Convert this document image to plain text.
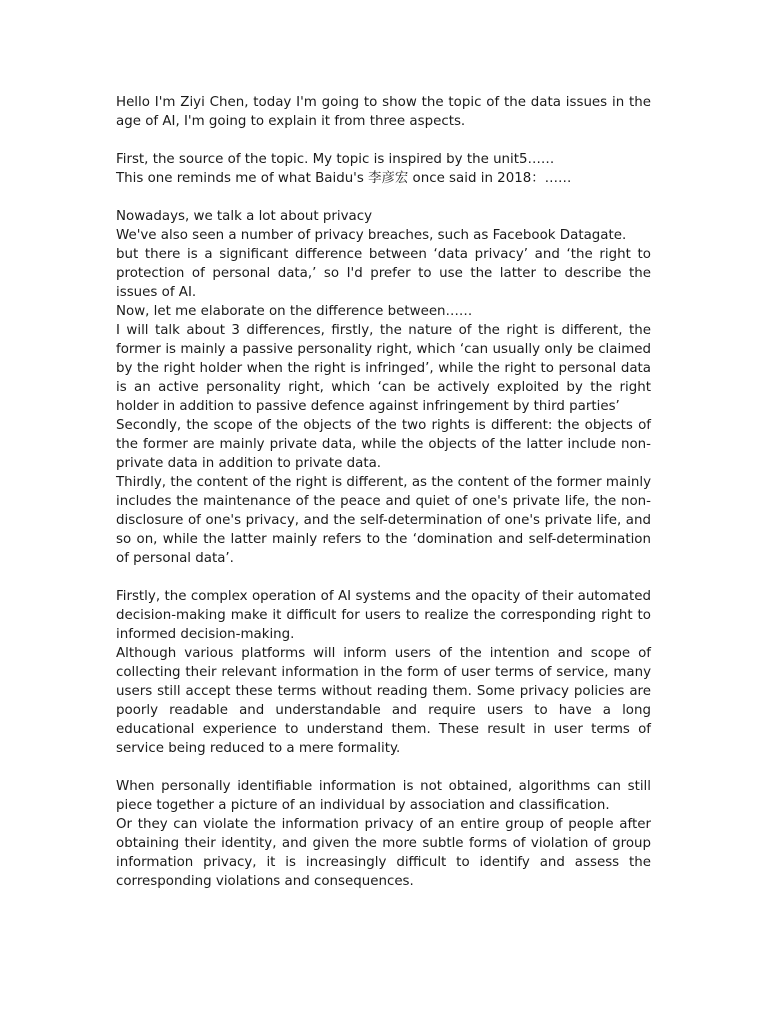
Hello I'm Ziyi Chen, today I'm going to show the topic of the data issues in the age of AI, I'm going to explain it from three aspects.

First, the source of the topic. My topic is inspired by the unit5……

This one reminds me of what Baidu's 李彦宏 once said in 2018：……

Nowadays, we talk a lot about privacy

We've also seen a number of privacy breaches, such as Facebook Datagate.

but there is a significant difference between ‘data privacy’ and ‘the right to protection of personal data,’ so I'd prefer to use the latter to describe the issues of AI.

Now, let me elaborate on the difference between……

I will talk about 3 differences, firstly, the nature of the right is different, the former is mainly a passive personality right, which ‘can usually only be claimed by the right holder when the right is infringed’, while the right to personal data is an active personality right, which ‘can be actively exploited by the right holder in addition to passive defence against infringement by third parties’

Secondly, the scope of the objects of the two rights is different: the objects of the former are mainly private data, while the objects of the latter include non-private data in addition to private data.

Thirdly, the content of the right is different, as the content of the former mainly includes the maintenance of the peace and quiet of one's private life, the non-disclosure of one's privacy, and the self-determination of one's private life, and so on, while the latter mainly refers to the ‘domination and self-determination of personal data’.

Firstly, the complex operation of AI systems and the opacity of their automated decision-making make it difficult for users to realize the corresponding right to informed decision-making.

Although various platforms will inform users of the intention and scope of collecting their relevant information in the form of user terms of service, many users still accept these terms without reading them. Some privacy policies are poorly readable and understandable and require users to have a long educational experience to understand them. These result in user terms of service being reduced to a mere formality.

When personally identifiable information is not obtained, algorithms can still piece together a picture of an individual by association and classification.

Or they can violate the information privacy of an entire group of people after obtaining their identity, and given the more subtle forms of violation of group information privacy, it is increasingly difficult to identify and assess the corresponding violations and consequences.
